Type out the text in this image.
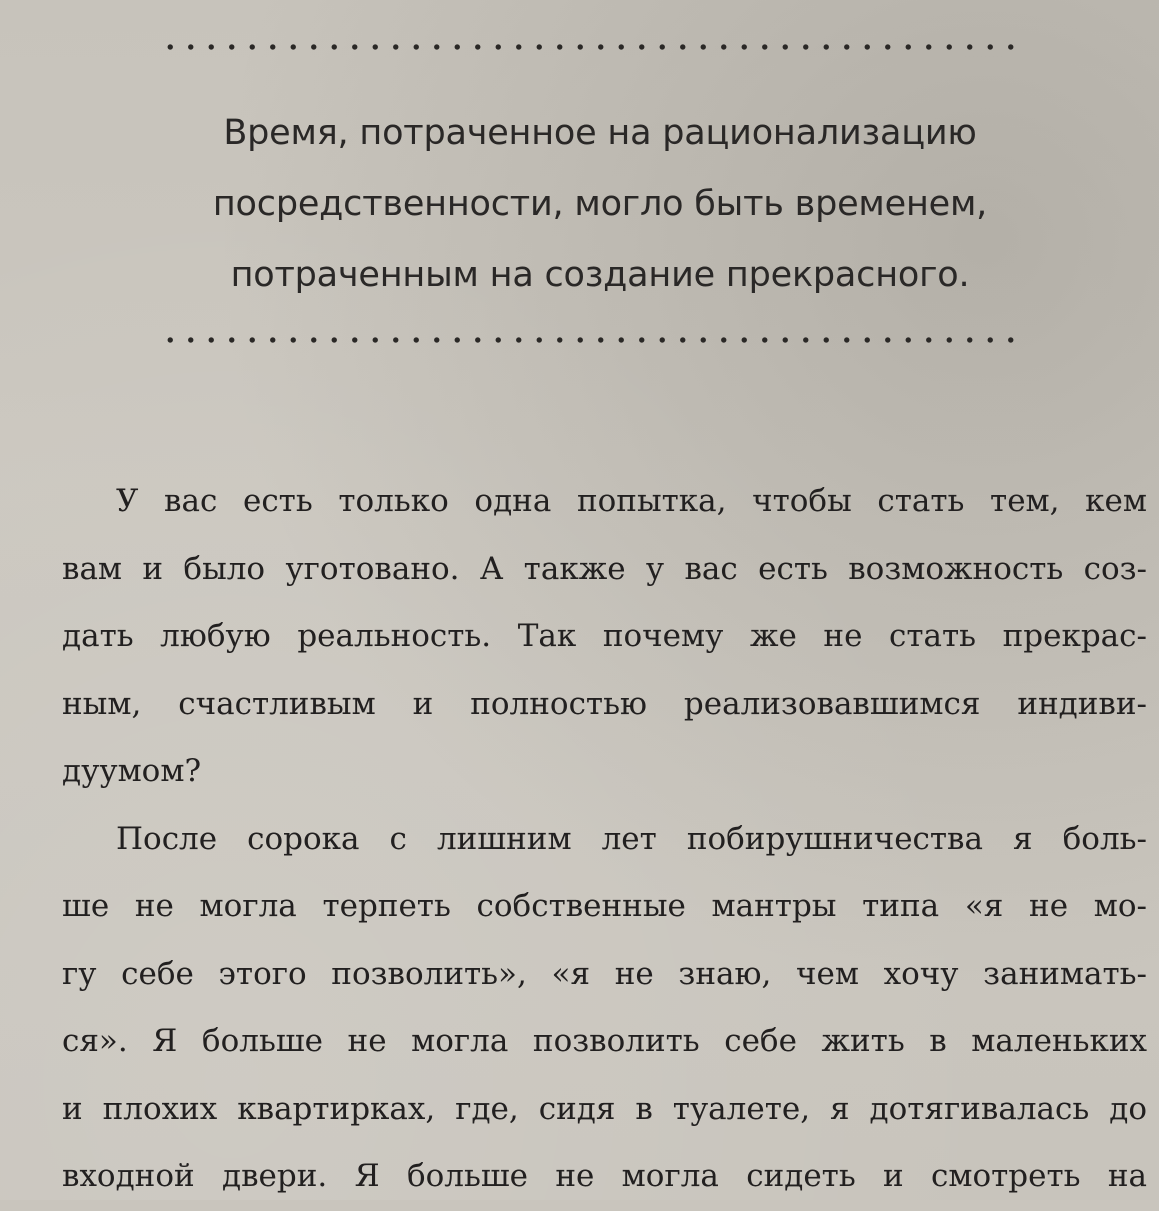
Время, потраченное на рационализацию
посредственности, могло быть временем,
потраченным на создание прекрасного.
У вас есть только одна попытка, чтобы стать тем, кем
вам и было уготовано. А также у вас есть возможность соз-
дать любую реальность. Так почему же не стать прекрас-
ным, счастливым и полностью реализовавшимся индиви-
дуумом?
После сорока с лишним лет побирушничества я боль-
ше не могла терпеть собственные мантры типа «я не мо-
гу себе этого позволить», «я не знаю, чем хочу занимать-
ся». Я больше не могла позволить себе жить в маленьких
и плохих квартирках, где, сидя в туалете, я дотягивалась до
входной двери. Я больше не могла сидеть и смотреть на
